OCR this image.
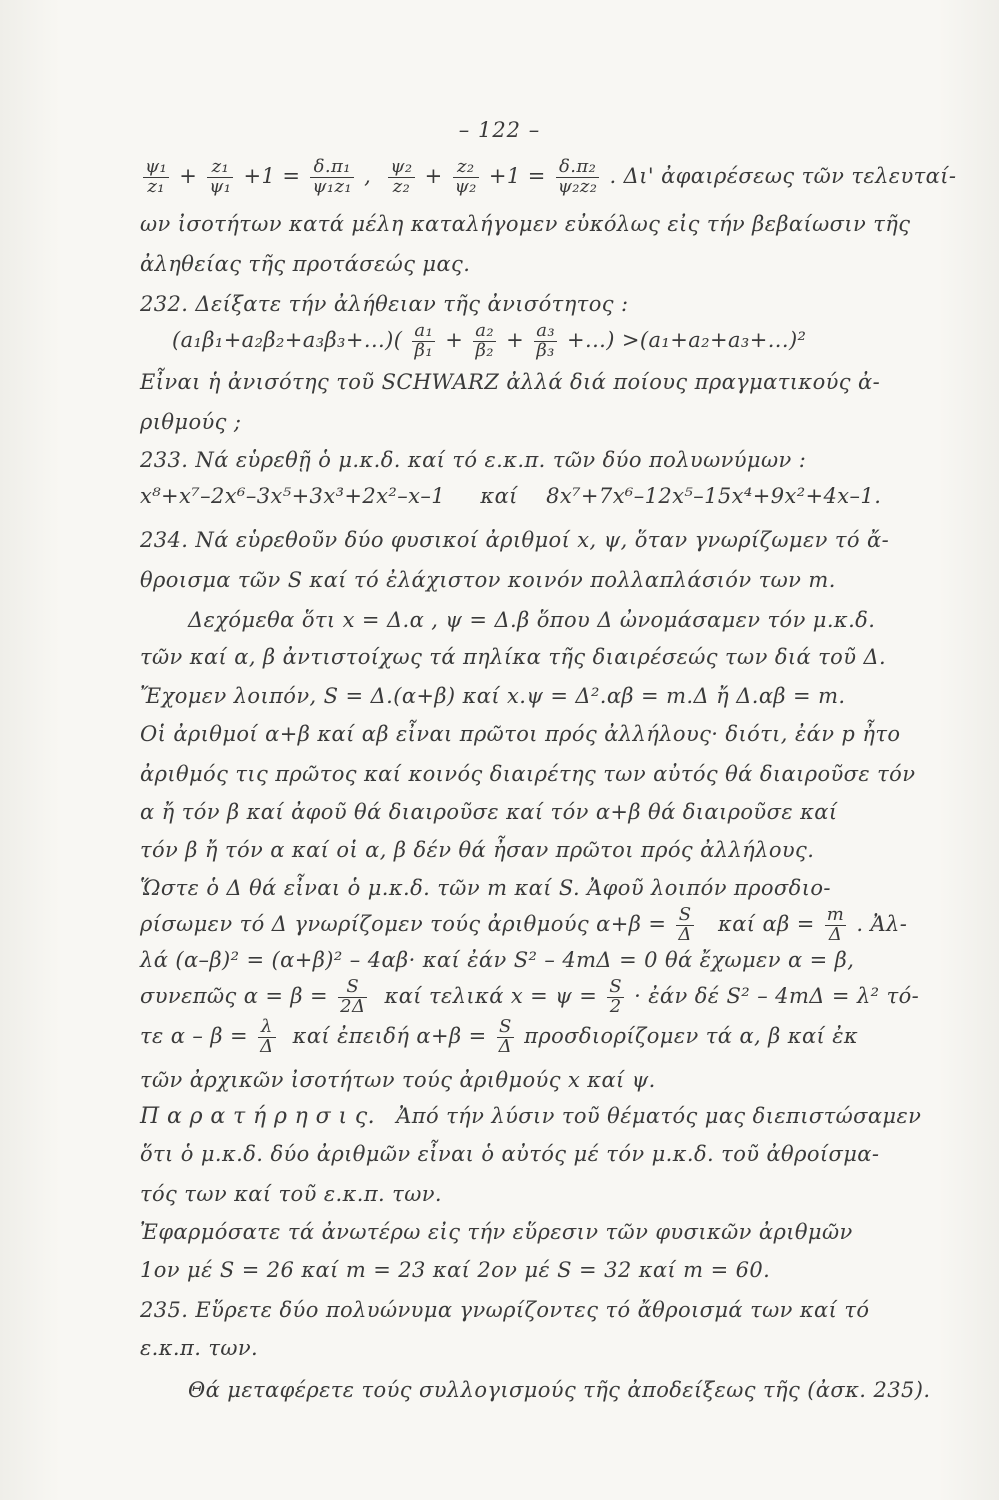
– 122 –
$\frac{\text{ψ₁}}{\text{z₁}} + \frac{\text{z₁}}{\text{ψ₁}} +1 = \frac{\text{δ.π₁}}{\text{ψ₁z₁}}$ , $\frac{\text{ψ₂}}{\text{z₂}} + \frac{\text{z₂}}{\text{ψ₂}} +1 = \frac{\text{δ.π₂}}{\text{ψ₂z₂}}$ . Δι' ἀφαιρέσεως τῶν τελευταί-
ων ἰσοτήτων κατά μέλη καταλήγομεν εὐκόλως εἰς τήν βεβαίωσιν τῆς
ἀληθείας τῆς προτάσεώς μας.
232. Δείξατε τήν ἀλήθειαν τῆς ἀνισότητος :
$(a_1\beta_1+a_2\beta_2+a_3\beta_3+...)( \frac{\text{a₁}}{\text{β₁}} + \frac{\text{a₂}}{\text{β₂}} + \frac{\text{a₃}}{\text{β₃}}$ +...) >(a₁+a₂+a₃+...)²
Εἶναι ἡ ἀνισότης τοῦ SCHWARZ ἀλλά διά ποίους πραγματικούς ἀ-
ριθμούς ;
233. Νά εὑρεθῇ ὁ μ.κ.δ. καί τό ε.κ.π. τῶν δύο πολυωνύμων :
x⁸+x⁷–2x⁶–3x⁵+3x³+2x²–x–1 καί 8x⁷+7x⁶–12x⁵–15x⁴+9x²+4x–1.
234. Νά εὑρεθοῦν δύο φυσικοί ἀριθμοί x, ψ, ὅταν γνωρίζωμεν τό ἄ-
θροισμα τῶν S καί τό ἐλάχιστον κοινόν πολλαπλάσιόν των m.
Δεχόμεθα ὅτι x = Δ.α , ψ = Δ.β ὅπου Δ ὠνομάσαμεν τόν μ.κ.δ.
τῶν καί α, β ἀντιστοίχως τά πηλίκα τῆς διαιρέσεώς των διά τοῦ Δ.
Ἔχομεν λοιπόν, S = Δ.(α+β) καί x.ψ = Δ².αβ = m.Δ ἤ Δ.αβ = m.
Οἱ ἀριθμοί α+β καί αβ εἶναι πρῶτοι πρός ἀλλήλους· διότι, ἐάν p ἦτο
ἀριθμός τις πρῶτος καί κοινός διαιρέτης των αὐτός θά διαιροῦσε τόν
α ἤ τόν β καί ἀφοῦ θά διαιροῦσε καί τόν α+β θά διαιροῦσε καί
τόν β ἤ τόν α καί οἱ α, β δέν θά ἦσαν πρῶτοι πρός ἀλλήλους.
Ὥστε ὁ Δ θά εἶναι ὁ μ.κ.δ. τῶν m καί S. Ἀφοῦ λοιπόν προσδιο-
ρίσωμεν τό Δ γνωρίζομεν τούς ἀριθμούς $\alpha+\beta = \frac{S}{\Delta}$ καί $\alpha\beta = \frac{m}{\Delta}$ . Ἀλ-
λά (α–β)² = (α+β)² – 4αβ· καί ἐάν S² – 4mΔ = 0 θά ἔχωμεν α = β,
συνεπῶς $\alpha = \beta = \frac{S}{2\Delta}$ καί τελικά $x = \psi = \frac{S}{2}$ · ἐάν δέ S² – 4mΔ = λ² τό-
τε $\alpha - \beta = \frac{\lambda}{\Delta}$ καί ἐπειδή $\alpha+\beta = \frac{S}{\Delta}$ προσδιορίζομεν τά α, β καί ἐκ
τῶν ἀρχικῶν ἰσοτήτων τούς ἀριθμούς x καί ψ.
Π α ρ α τ ή ρ η σ ι ς. Ἀπό τήν λύσιν τοῦ θέματός μας διεπιστώσαμεν
ὅτι ὁ μ.κ.δ. δύο ἀριθμῶν εἶναι ὁ αὐτός μέ τόν μ.κ.δ. τοῦ ἀθροίσμα-
τός των καί τοῦ ε.κ.π. των.
Ἐφαρμόσατε τά ἀνωτέρω εἰς τήν εὕρεσιν τῶν φυσικῶν ἀριθμῶν
1ον μέ S = 26 καί m = 23 καί 2ον μέ S = 32 καί m = 60.
235. Εὕρετε δύο πολυώνυμα γνωρίζοντες τό ἄθροισμά των καί τό
ε.κ.π. των.
Θά μεταφέρετε τούς συλλογισμούς τῆς ἀποδείξεως τῆς (ἀσκ. 235).
